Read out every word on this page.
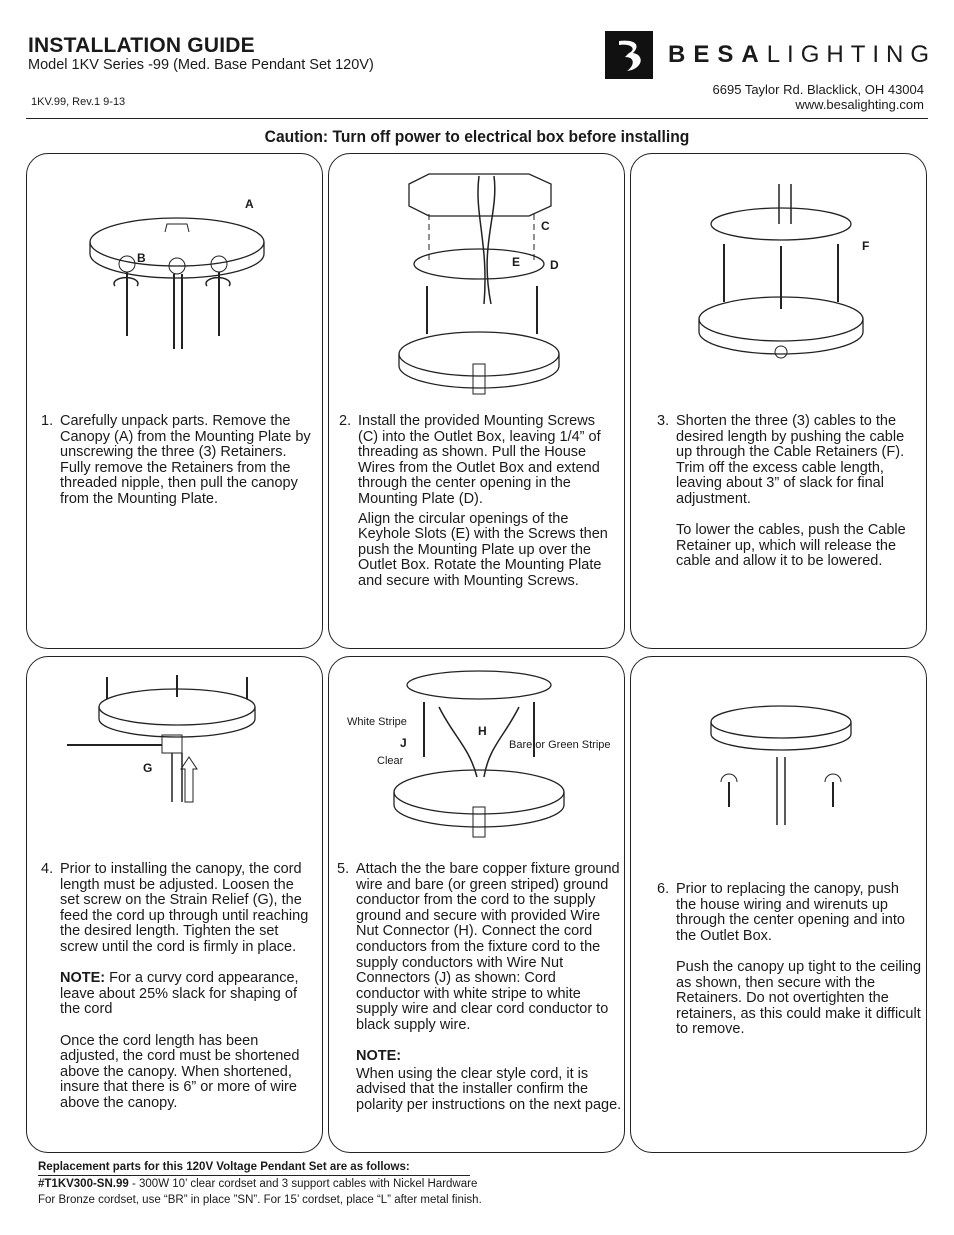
INSTALLATION GUIDE
Model 1KV Series -99 (Med. Base Pendant Set 120V)
1KV.99, Rev.1 9-13
BESALIGHTING
6695 Taylor Rd. Blacklick, OH 43004
www.besalighting.com
Caution: Turn off power to electrical box before installing
A
B
1. Carefully unpack parts. Remove the Canopy (A) from the Mounting Plate by unscrewing the three (3) Retainers. Fully remove the Retainers from the threaded nipple, then pull the canopy from the Mounting Plate.

C
E D
2. Install the provided Mounting Screws (C) into the Outlet Box, leaving 1/4” of threading as shown. Pull the House Wires from the Outlet Box and extend through the center opening in the Mounting Plate (D).

Align the circular openings of the Keyhole Slots (E) with the Screws then push the Mounting Plate up over the Outlet Box. Rotate the Mounting Plate and secure with Mounting Screws.

F
3. Shorten the three (3) cables to the desired length by pushing the cable up through the Cable Retainers (F). Trim off the excess cable length, leaving about 3” of slack for final adjustment.

To lower the cables, push the Cable Retainer up, which will release the cable and allow it to be lowered.

G
4. Prior to installing the canopy, the cord length must be adjusted. Loosen the set screw on the Strain Relief (G), the feed the cord up through until reaching the desired length. Tighten the set screw until the cord is firmly in place.

NOTE: For a curvy cord appearance, leave about 25% slack for shaping of the cord

Once the cord length has been adjusted, the cord must be shortened above the canopy. When shortened, insure that there is 6” or more of wire above the canopy.

White Stripe
J
H
Clear
Bare or Green Stripe
5. Attach the the bare copper fixture ground wire and bare (or green striped) ground conductor from the cord to the supply ground and secure with provided Wire Nut Connector (H). Connect the cord conductors from the fixture cord to the supply conductors with Wire Nut Connectors (J) as shown: Cord conductor with white stripe to white supply wire and clear cord conductor to black supply wire.

NOTE:

When using the clear style cord, it is advised that the installer confirm the polarity per instructions on the next page.

6. Prior to replacing the canopy, push the house wiring and wirenuts up through the center opening and into the Outlet Box.

Push the canopy up tight to the ceiling as shown, then secure with the Retainers. Do not overtighten the retainers, as this could make it difficult to remove.

Replacement parts for this 120V Voltage Pendant Set are as follows:
#T1KV300-SN.99 - 300W 10’ clear cordset and 3 support cables with Nickel Hardware
For Bronze cordset, use “BR” in place ”SN”. For 15’ cordset, place “L” after metal finish.
